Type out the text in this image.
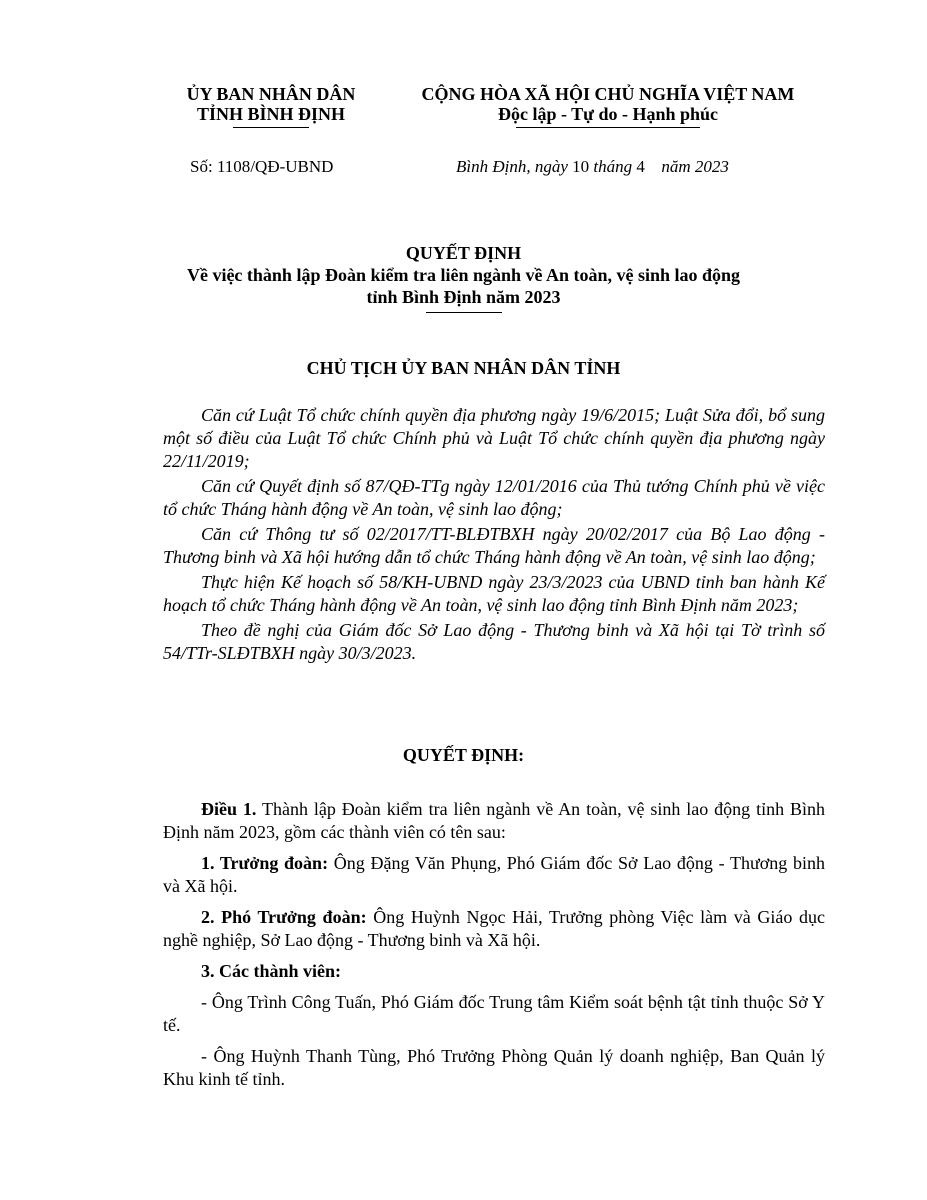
ỦY BAN NHÂN DÂN
TỈNH BÌNH ĐỊNH
CỘNG HÒA XÃ HỘI CHỦ NGHĨA VIỆT NAM
Độc lập - Tự do - Hạnh phúc
Số: 1108/QĐ-UBND	Bình Định, ngày 10 tháng 4 năm 2023
QUYẾT ĐỊNH
Về việc thành lập Đoàn kiểm tra liên ngành về An toàn, vệ sinh lao động
tỉnh Bình Định năm 2023
CHỦ TỊCH ỦY BAN NHÂN DÂN TỈNH

Căn cứ Luật Tổ chức chính quyền địa phương ngày 19/6/2015; Luật Sửa đổi, bổ sung một số điều của Luật Tổ chức Chính phủ và Luật Tổ chức chính quyền địa phương ngày 22/11/2019;

Căn cứ Quyết định số 87/QĐ-TTg ngày 12/01/2016 của Thủ tướng Chính phủ về việc tổ chức Tháng hành động về An toàn, vệ sinh lao động;

Căn cứ Thông tư số 02/2017/TT-BLĐTBXH ngày 20/02/2017 của Bộ Lao động - Thương binh và Xã hội hướng dẫn tổ chức Tháng hành động về An toàn, vệ sinh lao động;

Thực hiện Kế hoạch số 58/KH-UBND ngày 23/3/2023 của UBND tỉnh ban hành Kế hoạch tổ chức Tháng hành động về An toàn, vệ sinh lao động tỉnh Bình Định năm 2023;

Theo đề nghị của Giám đốc Sở Lao động - Thương binh và Xã hội tại Tờ trình số 54/TTr-SLĐTBXH ngày 30/3/2023.

QUYẾT ĐỊNH:

Điều 1. Thành lập Đoàn kiểm tra liên ngành về An toàn, vệ sinh lao động tỉnh Bình Định năm 2023, gồm các thành viên có tên sau:

1. Trưởng đoàn: Ông Đặng Văn Phụng, Phó Giám đốc Sở Lao động - Thương binh và Xã hội.

2. Phó Trưởng đoàn: Ông Huỳnh Ngọc Hải, Trưởng phòng Việc làm và Giáo dục nghề nghiệp, Sở Lao động - Thương binh và Xã hội.

3. Các thành viên:

- Ông Trình Công Tuấn, Phó Giám đốc Trung tâm Kiểm soát bệnh tật tỉnh thuộc Sở Y tế.

- Ông Huỳnh Thanh Tùng, Phó Trưởng Phòng Quản lý doanh nghiệp, Ban Quản lý Khu kinh tế tỉnh.
